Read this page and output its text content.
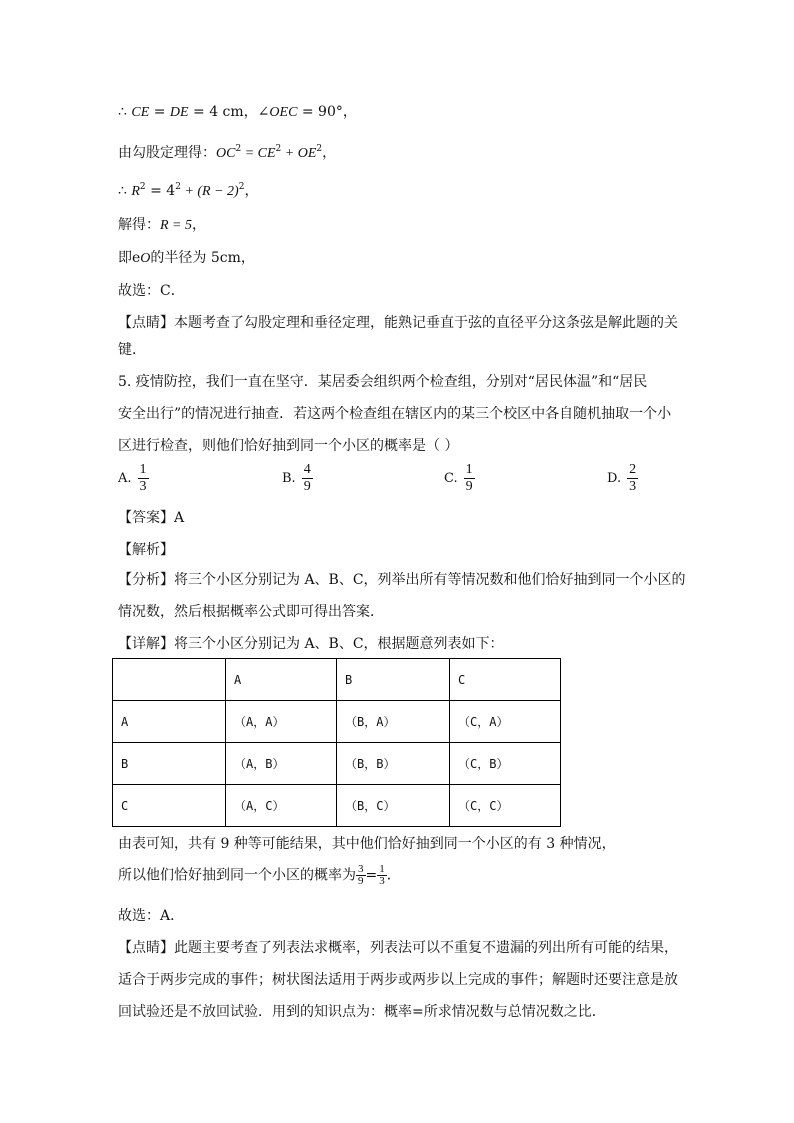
∴ CE = DE = 4 cm，∠OEC = 90°，
由勾股定理得：$OC^2 = CE^2 + OE^2$，
∴ $R^2 = 4^2 + (R - 2)^2$，
解得：R = 5，
即eO的半径为 5cm，
故选：C．
【点睛】本题考查了勾股定理和垂径定理，能熟记垂直于弦的直径平分这条弦是解此题的关
键．
5. 疫情防控，我们一直在坚守．某居委会组织两个检查组，分别对“居民体温”和“居民
安全出行”的情况进行抽查．若这两个检查组在辖区内的某三个校区中各自随机抽取一个小
区进行检查，则他们恰好抽到同一个小区的概率是（ ）
A. $\frac{1}{3}$	B. $\frac{4}{9}$	C. $\frac{1}{9}$	D. $\frac{2}{3}$
【答案】A
【解析】
【分析】将三个小区分别记为 A、B、C，列举出所有等情况数和他们恰好抽到同一个小区的
情况数，然后根据概率公式即可得出答案．
【详解】将三个小区分别记为 A、B、C，根据题意列表如下：
	A	B	C
A	（A，A）	（B，A）	（C，A）
B	（A，B）	（B，B）	（C，B）
C	（A，C）	（B，C）	（C，C）
由表可知，共有 9 种等可能结果，其中他们恰好抽到同一个小区的有 3 种情况，
所以他们恰好抽到同一个小区的概率为 $\frac{3}{9} = \frac{1}{3}$ ．
故选：A．
【点睛】此题主要考查了列表法求概率，列表法可以不重复不遗漏的列出所有可能的结果，
适合于两步完成的事件；树状图法适用于两步或两步以上完成的事件；解题时还要注意是放
回试验还是不放回试验．用到的知识点为：概率=所求情况数与总情况数之比．
